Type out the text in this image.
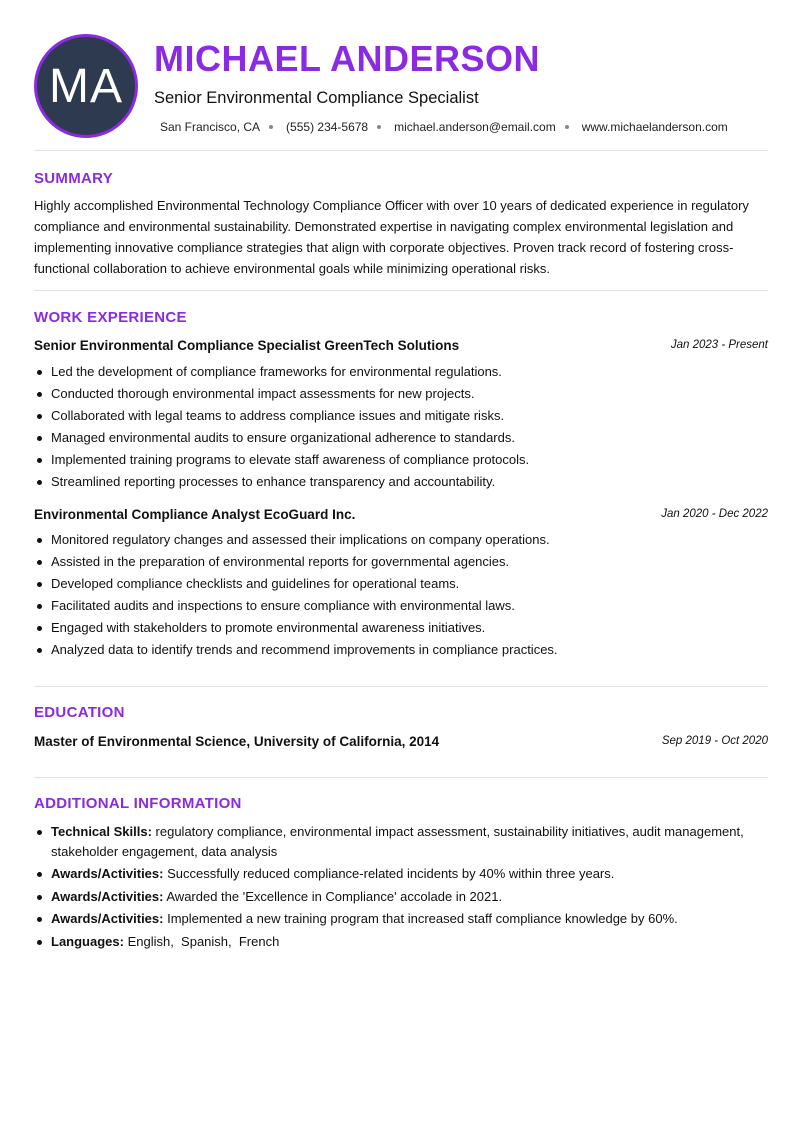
MA
MICHAEL ANDERSON
Senior Environmental Compliance Specialist
San Francisco, CA (555) 234-5678 michael.anderson@email.com www.michaelanderson.com
SUMMARY
Highly accomplished Environmental Technology Compliance Officer with over 10 years of dedicated experience in regulatory compliance and environmental sustainability. Demonstrated expertise in navigating complex environmental legislation and implementing innovative compliance strategies that align with corporate objectives. Proven track record of fostering cross-functional collaboration to achieve environmental goals while minimizing operational risks.
WORK EXPERIENCE
Senior Environmental Compliance Specialist GreenTech Solutions	Jan 2023 - Present
Led the development of compliance frameworks for environmental regulations.
Conducted thorough environmental impact assessments for new projects.
Collaborated with legal teams to address compliance issues and mitigate risks.
Managed environmental audits to ensure organizational adherence to standards.
Implemented training programs to elevate staff awareness of compliance protocols.
Streamlined reporting processes to enhance transparency and accountability.
Environmental Compliance Analyst EcoGuard Inc.	Jan 2020 - Dec 2022
Monitored regulatory changes and assessed their implications on company operations.
Assisted in the preparation of environmental reports for governmental agencies.
Developed compliance checklists and guidelines for operational teams.
Facilitated audits and inspections to ensure compliance with environmental laws.
Engaged with stakeholders to promote environmental awareness initiatives.
Analyzed data to identify trends and recommend improvements in compliance practices.
EDUCATION
Master of Environmental Science, University of California, 2014	Sep 2019 - Oct 2020
ADDITIONAL INFORMATION
Technical Skills: regulatory compliance, environmental impact assessment, sustainability initiatives, audit management, stakeholder engagement, data analysis
Awards/Activities: Successfully reduced compliance-related incidents by 40% within three years.
Awards/Activities: Awarded the 'Excellence in Compliance' accolade in 2021.
Awards/Activities: Implemented a new training program that increased staff compliance knowledge by 60%.
Languages: English,  Spanish,  French
